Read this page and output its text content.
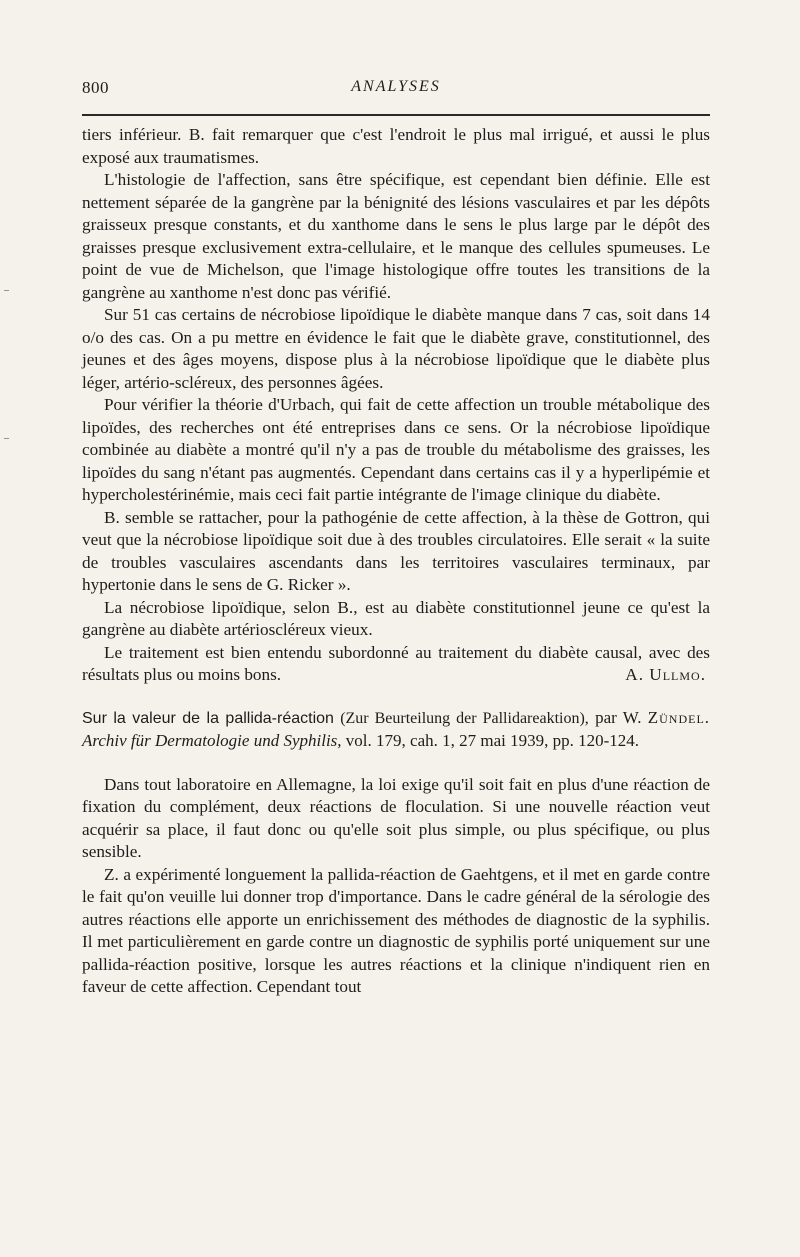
800	ANALYSES

tiers inférieur. B. fait remarquer que c'est l'endroit le plus mal irrigué, et aussi le plus exposé aux traumatismes.

L'histologie de l'affection, sans être spécifique, est cependant bien définie. Elle est nettement séparée de la gangrène par la bénignité des lésions vasculaires et par les dépôts graisseux presque constants, et du xanthome dans le sens le plus large par le dépôt des graisses presque exclusivement extra-cellulaire, et le manque des cellules spumeuses. Le point de vue de Michelson, que l'image histologique offre toutes les transitions de la gangrène au xanthome n'est donc pas vérifié.

Sur 51 cas certains de nécrobiose lipoïdique le diabète manque dans 7 cas, soit dans 14 o/o des cas. On a pu mettre en évidence le fait que le diabète grave, constitutionnel, des jeunes et des âges moyens, dispose plus à la nécrobiose lipoïdique que le diabète plus léger, artério-scléreux, des personnes âgées.

Pour vérifier la théorie d'Urbach, qui fait de cette affection un trouble métabolique des lipoïdes, des recherches ont été entreprises dans ce sens. Or la nécrobiose lipoïdique combinée au diabète a montré qu'il n'y a pas de trouble du métabolisme des graisses, les lipoïdes du sang n'étant pas augmentés. Cependant dans certains cas il y a hyperlipémie et hypercholestérinémie, mais ceci fait partie intégrante de l'image clinique du diabète.

B. semble se rattacher, pour la pathogénie de cette affection, à la thèse de Gottron, qui veut que la nécrobiose lipoïdique soit due à des troubles circulatoires. Elle serait « la suite de troubles vasculaires ascendants dans les territoires vasculaires terminaux, par hypertonie dans le sens de G. Ricker ».

La nécrobiose lipoïdique, selon B., est au diabète constitutionnel jeune ce qu'est la gangrène au diabète artérioscléreux vieux.

Le traitement est bien entendu subordonné au traitement du diabète causal, avec des résultats plus ou moins bons.	A. Ullmo.

Sur la valeur de la pallida-réaction (Zur Beurteilung der Pallidareaktion), par W. Zündel. Archiv für Dermatologie und Syphilis, vol. 179, cah. 1, 27 mai 1939, pp. 120-124.

Dans tout laboratoire en Allemagne, la loi exige qu'il soit fait en plus d'une réaction de fixation du complément, deux réactions de floculation. Si une nouvelle réaction veut acquérir sa place, il faut donc ou qu'elle soit plus simple, ou plus spécifique, ou plus sensible.

Z. a expérimenté longuement la pallida-réaction de Gaehtgens, et il met en garde contre le fait qu'on veuille lui donner trop d'importance. Dans le cadre général de la sérologie des autres réactions elle apporte un enrichissement des méthodes de diagnostic de la syphilis. Il met particulièrement en garde contre un diagnostic de syphilis porté uniquement sur une pallida-réaction positive, lorsque les autres réactions et la clinique n'indiquent rien en faveur de cette affection. Cependant tout
